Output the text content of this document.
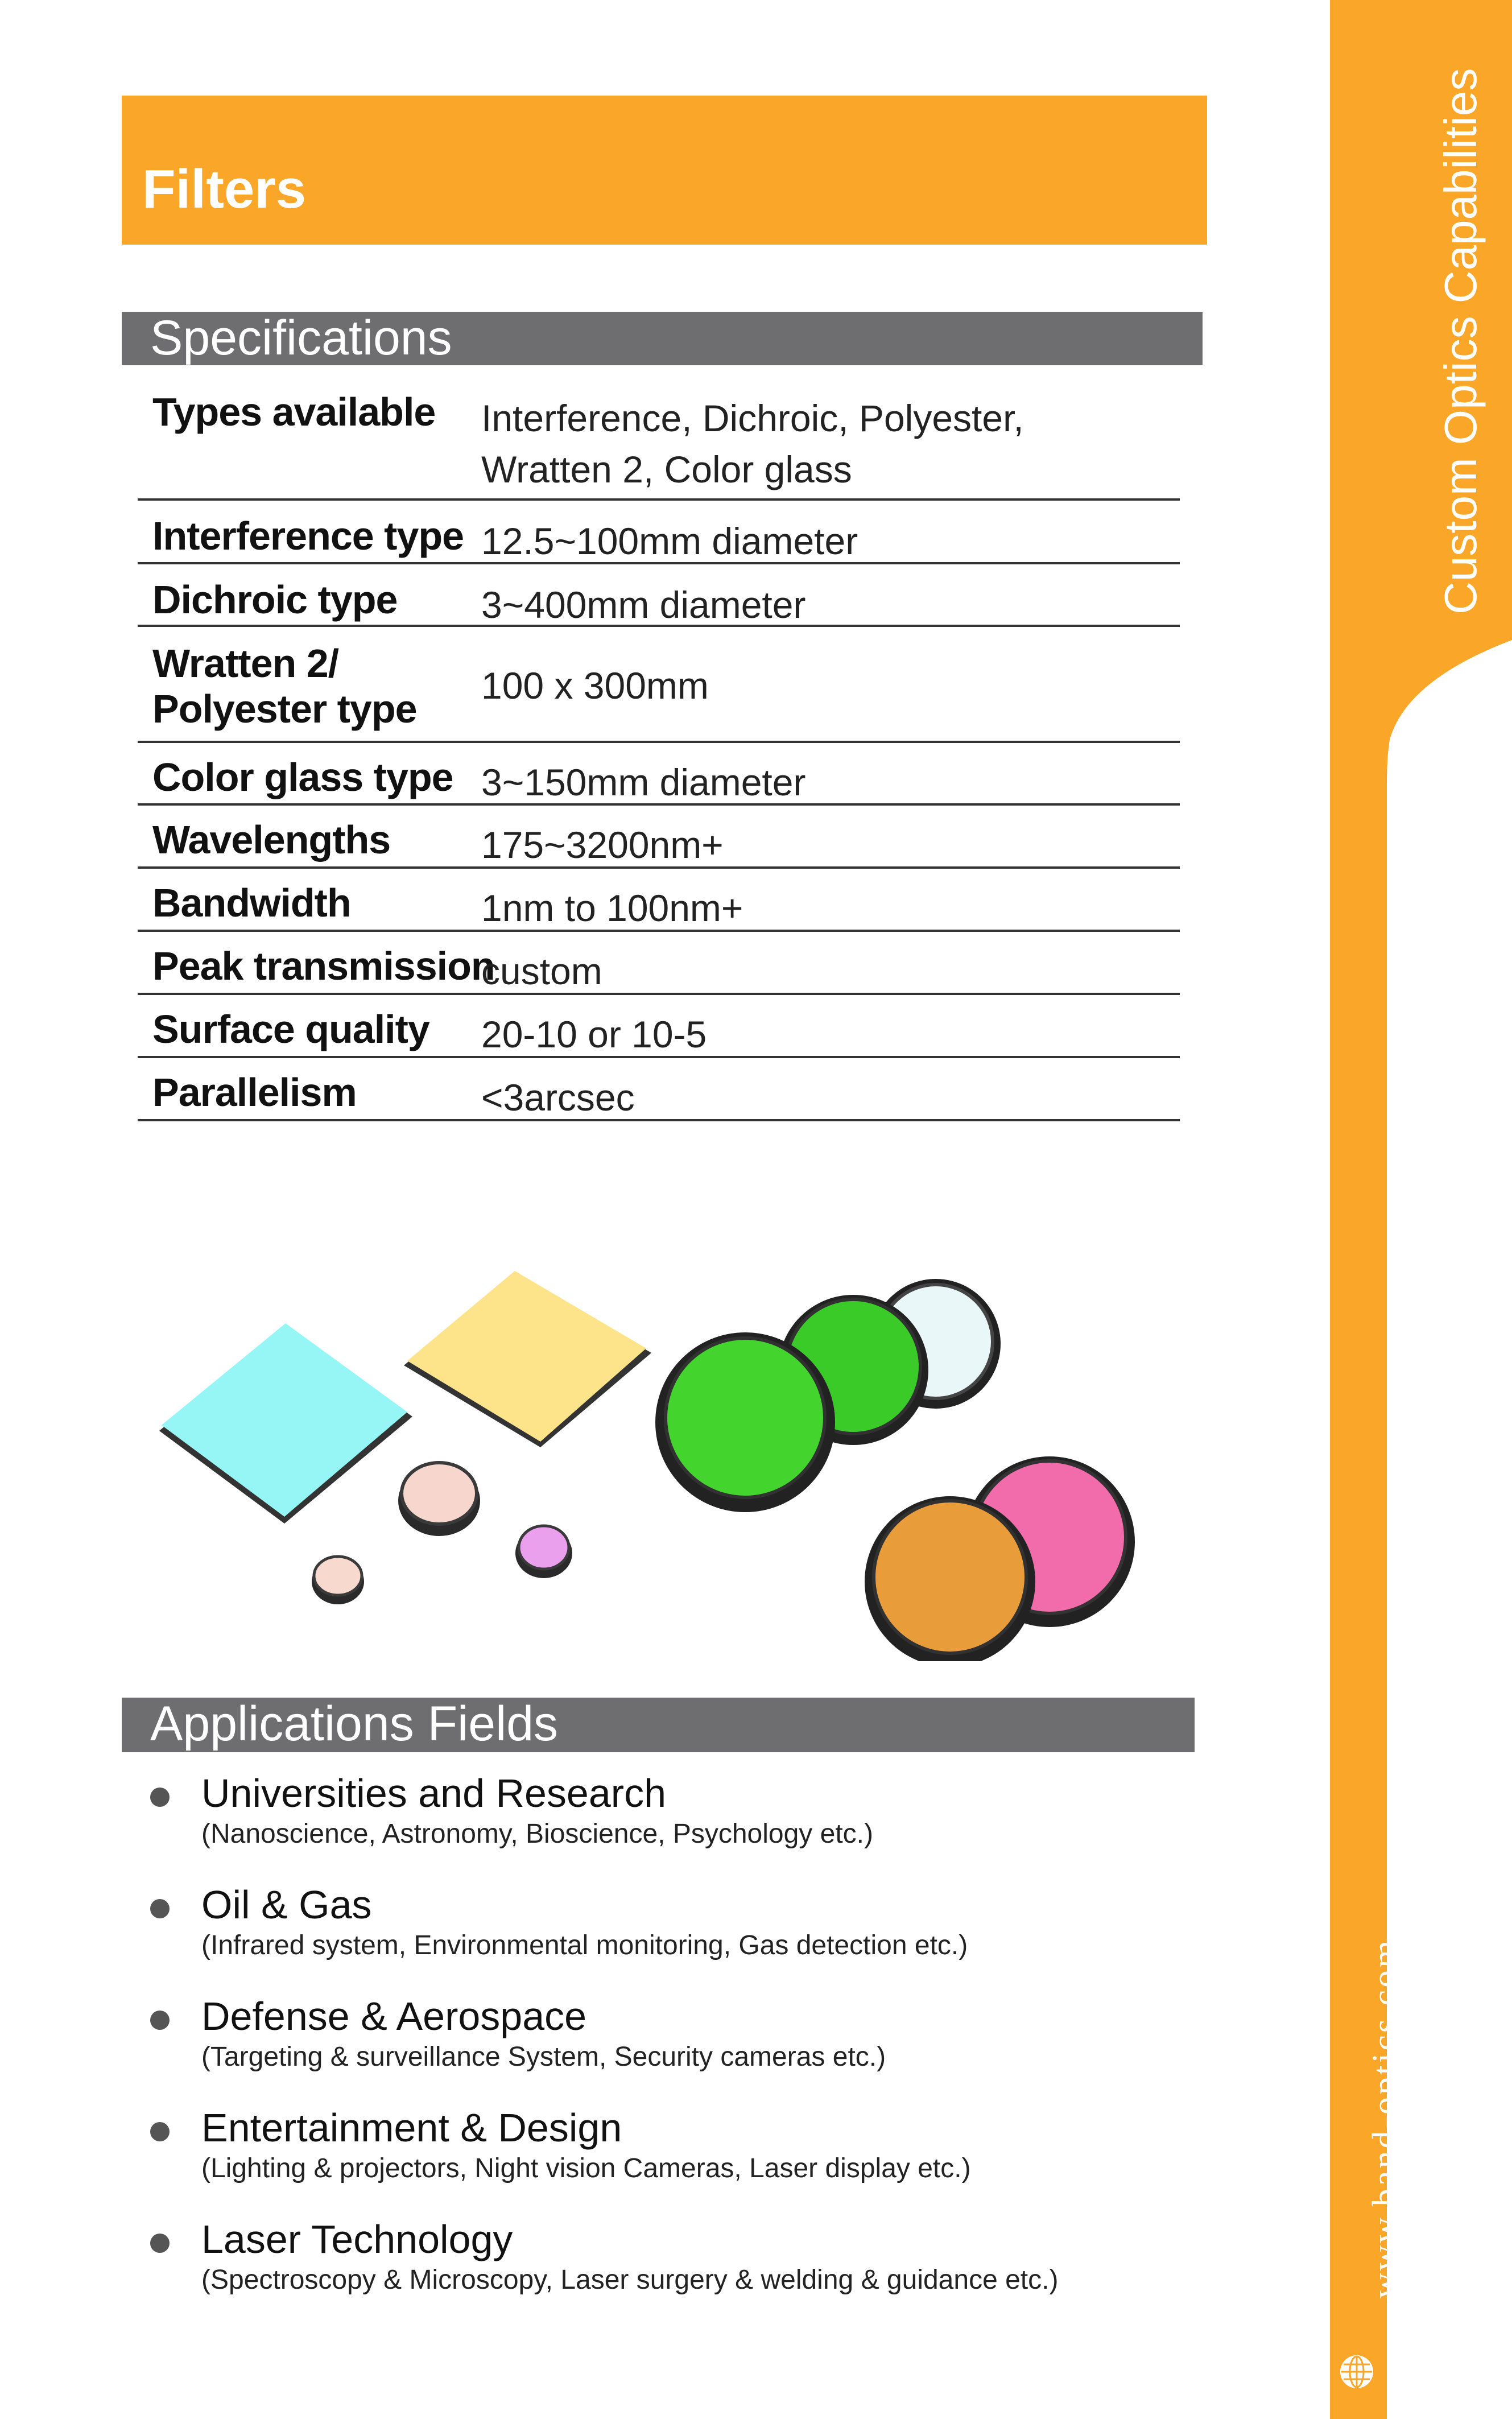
Custom Optics Capabilities
www.band-optics.com
Filters
Specifications
Types available Interference, Dichroic, Polyester,
Wratten 2, Color glass
Interference type 12.5~100mm diameter
Dichroic type 3~400mm diameter
Wratten 2/
Polyester type
100 x 300mm
Color glass type 3~150mm diameter
Wavelengths 175~3200nm+
Bandwidth	1nm to 100nm+
Peak transmission
custom
Surface quality 20-10 or 10-5
Parallelism	<3arcsec
Applications Fields
Universities and Research
(Nanoscience, Astronomy, Bioscience, Psychology etc.)
Oil & Gas
(Infrared system, Environmental monitoring, Gas detection etc.)
Defense & Aerospace
(Targeting & surveillance System, Security cameras etc.)
Entertainment & Design
(Lighting & projectors, Night vision Cameras, Laser display etc.)
Laser Technology
(Spectroscopy & Microscopy, Laser surgery & welding & guidance etc.)
